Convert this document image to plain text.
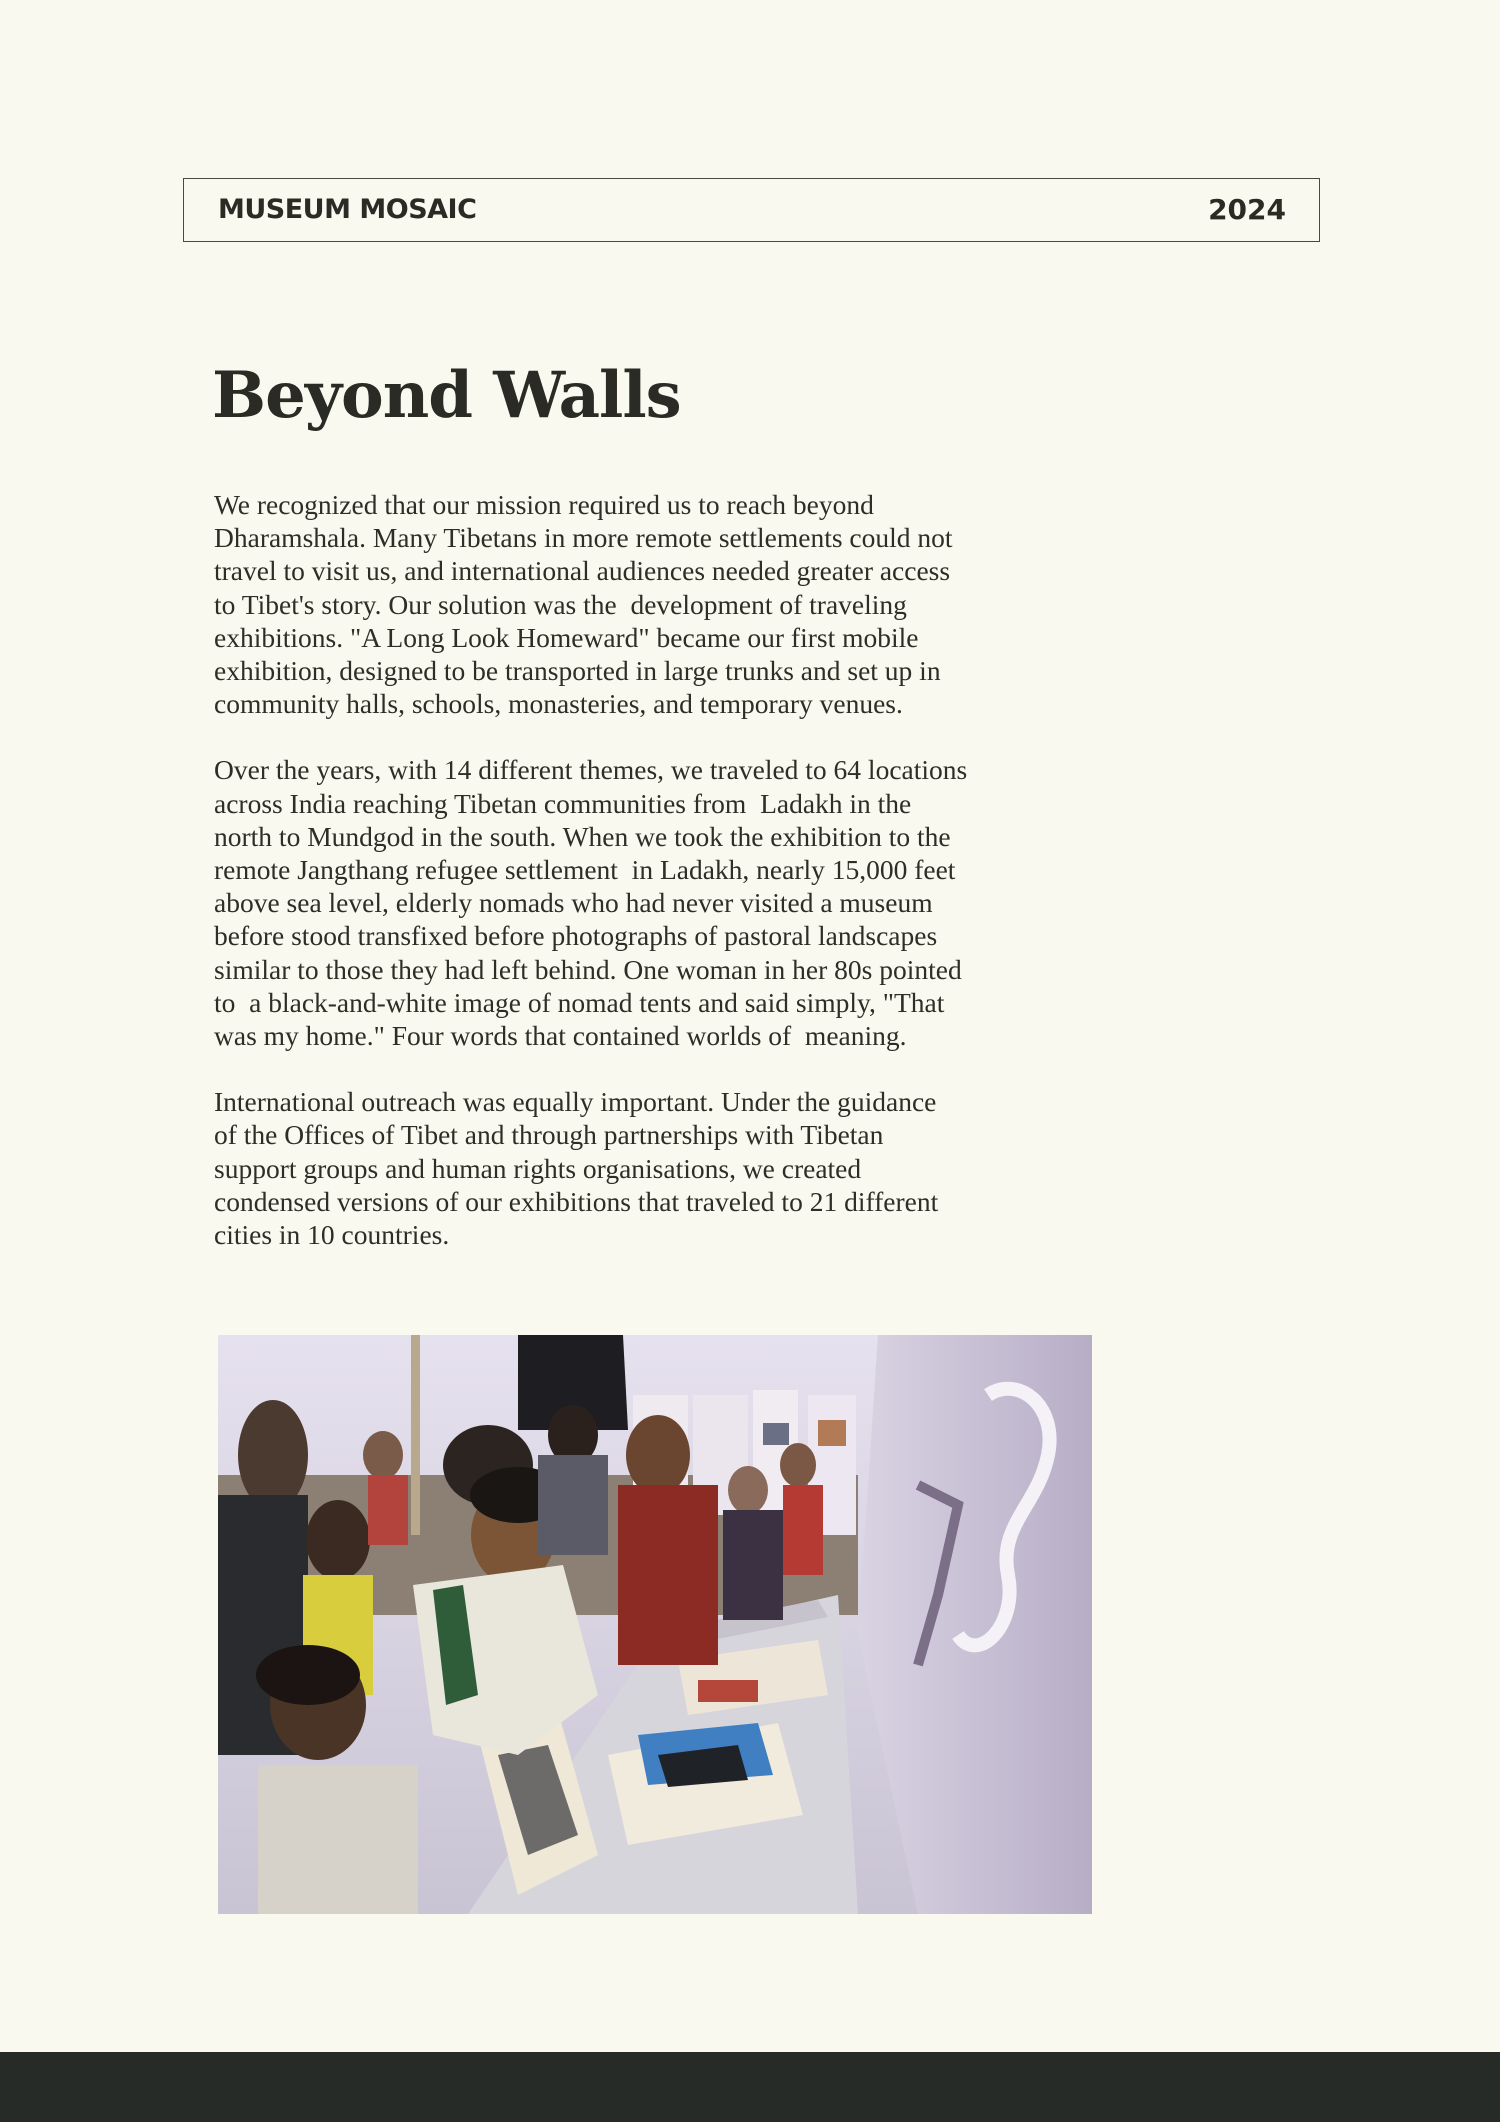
MUSEUM MOSAIC	2024
Beyond Walls

We recognized that our mission required us to reach beyond
Dharamshala. Many Tibetans in more remote settlements could not
travel to visit us, and international audiences needed greater access
to Tibet's story. Our solution was the  development of traveling
exhibitions. "A Long Look Homeward" became our first mobile
exhibition, designed to be transported in large trunks and set up in
community halls, schools, monasteries, and temporary venues.

Over the years, with 14 different themes, we traveled to 64 locations
across India reaching Tibetan communities from  Ladakh in the
north to Mundgod in the south. When we took the exhibition to the
remote Jangthang refugee settlement  in Ladakh, nearly 15,000 feet
above sea level, elderly nomads who had never visited a museum
before stood transfixed before photographs of pastoral landscapes
similar to those they had left behind. One woman in her 80s pointed
to  a black-and-white image of nomad tents and said simply, "That
was my home." Four words that contained worlds of  meaning.

International outreach was equally important. Under the guidance
of the Offices of Tibet and through partnerships with Tibetan
support groups and human rights organisations, we created
condensed versions of our exhibitions that traveled to 21 different
cities in 10 countries.
